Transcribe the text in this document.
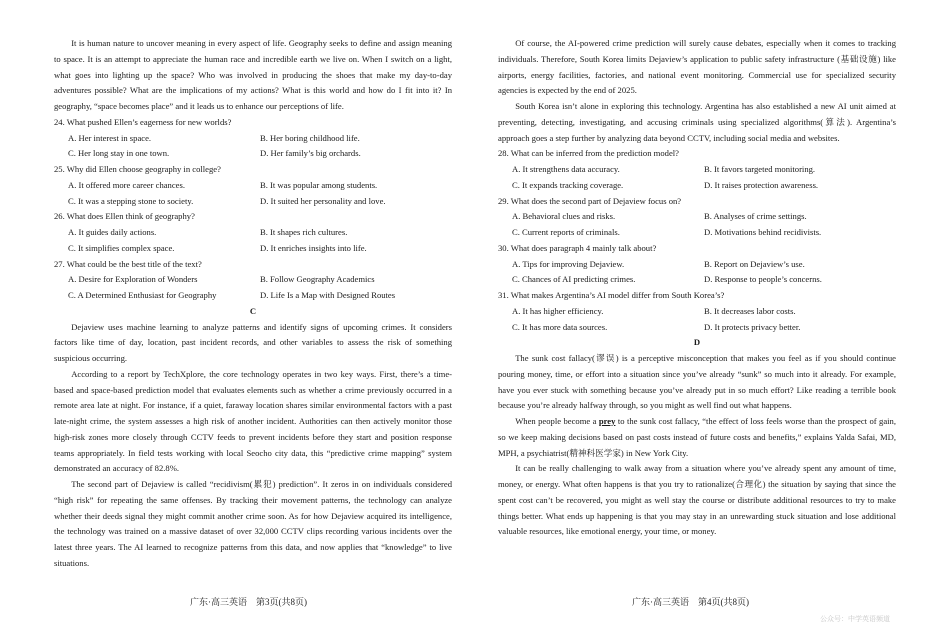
It is human nature to uncover meaning in every aspect of life. Geography seeks to define and assign meaning to space. It is an attempt to appreciate the human race and incredible earth we live on. When I switch on a light, what goes into lighting up the space? Who was involved in producing the shoes that make my day-to-day adventures possible? What are the implications of my actions? What is this world and how do I fit into it? In geography, “space becomes place” and it leads us to enhance our perceptions of life.

24. What pushed Ellen’s eagerness for new worlds?

A. Her interest in space.	B. Her boring childhood life.
C. Her long stay in one town.	D. Her family’s big orchards.

25. Why did Ellen choose geography in college?

A. It offered more career chances.	B. It was popular among students.
C. It was a stepping stone to society.	D. It suited her personality and love.

26. What does Ellen think of geography?

A. It guides daily actions.	B. It shapes rich cultures.
C. It simplifies complex space.	D. It enriches insights into life.

27. What could be the best title of the text?

A. Desire for Exploration of Wonders	B. Follow Geography Academics
C. A Determined Enthusiast for Geography	D. Life Is a Map with Designed Routes

C

Dejaview uses machine learning to analyze patterns and identify signs of upcoming crimes. It considers factors like time of day, location, past incident records, and other variables to assess the risk of something suspicious occurring.

According to a report by TechXplore, the core technology operates in two key ways. First, there’s a time-based and space-based prediction model that evaluates elements such as whether a crime previously occurred in a remote area late at night. For instance, if a quiet, faraway location shares similar environmental factors with a past late-night crime, the system assesses a high risk of another incident. Authorities can then actively monitor those high-risk zones more closely through CCTV feeds to prevent incidents before they start and position response teams appropriately. In field tests working with local Seocho city data, this “predictive crime mapping” system demonstrated an accuracy of 82.8%.

The second part of Dejaview is called “recidivism(累犯) prediction”. It zeros in on individuals considered “high risk” for repeating the same offenses. By tracking their movement patterns, the technology can analyze whether their deeds signal they might commit another crime soon. As for how Dejaview acquired its intelligence, the technology was trained on a massive dataset of over 32,000 CCTV clips recording various incidents over the latest three years. The AI learned to recognize patterns from this data, and now applies that “knowledge” to live situations.

Of course, the AI-powered crime prediction will surely cause debates, especially when it comes to tracking individuals. Therefore, South Korea limits Dejaview’s application to public safety infrastructure (基础设施) like airports, energy facilities, factories, and national event monitoring. Commercial use for specialized security agencies is expected by the end of 2025.

South Korea isn’t alone in exploring this technology. Argentina has also established a new AI unit aimed at preventing, detecting, investigating, and accusing criminals using specialized algorithms(算法). Argentina’s approach goes a step further by analyzing data beyond CCTV, including social media and websites.

28. What can be inferred from the prediction model?

A. It strengthens data accuracy.	B. It favors targeted monitoring.
C. It expands tracking coverage.	D. It raises protection awareness.

29. What does the second part of Dejaview focus on?

A. Behavioral clues and risks.	B. Analyses of crime settings.
C. Current reports of criminals.	D. Motivations behind recidivists.

30. What does paragraph 4 mainly talk about?

A. Tips for improving Dejaview.	B. Report on Dejaview’s use.
C. Chances of AI predicting crimes.	D. Response to people’s concerns.

31. What makes Argentina’s AI model differ from South Korea’s?

A. It has higher efficiency.	B. It decreases labor costs.
C. It has more data sources.	D. It protects privacy better.

D

The sunk cost fallacy(谬误) is a perceptive misconception that makes you feel as if you should continue pouring money, time, or effort into a situation since you’ve already “sunk” so much into it already. For example, have you ever stuck with something because you’ve already put in so much effort? Like reading a terrible book because you’re already halfway through, so you might as well find out what happens.

When people become a prey to the sunk cost fallacy, “the effect of loss feels worse than the prospect of gain, so we keep making decisions based on past costs instead of future costs and benefits,” explains Yalda Safai, MD, MPH, a psychiatrist(精神科医学家) in New York City.

It can be really challenging to walk away from a situation where you’ve already spent any amount of time, money, or energy. What often happens is that you try to rationalize(合理化) the situation by saying that since the spent cost can’t be recovered, you might as well stay the course or distribute additional resources to try to make things better. What ends up happening is that you may stay in an unrewarding stuck situation and lose additional valuable resources, like emotional energy, your time, or money.

广东·高三英语　第3页(共8页)	广东·高三英语　第4页(共8页)
公众号：中学英语频道
